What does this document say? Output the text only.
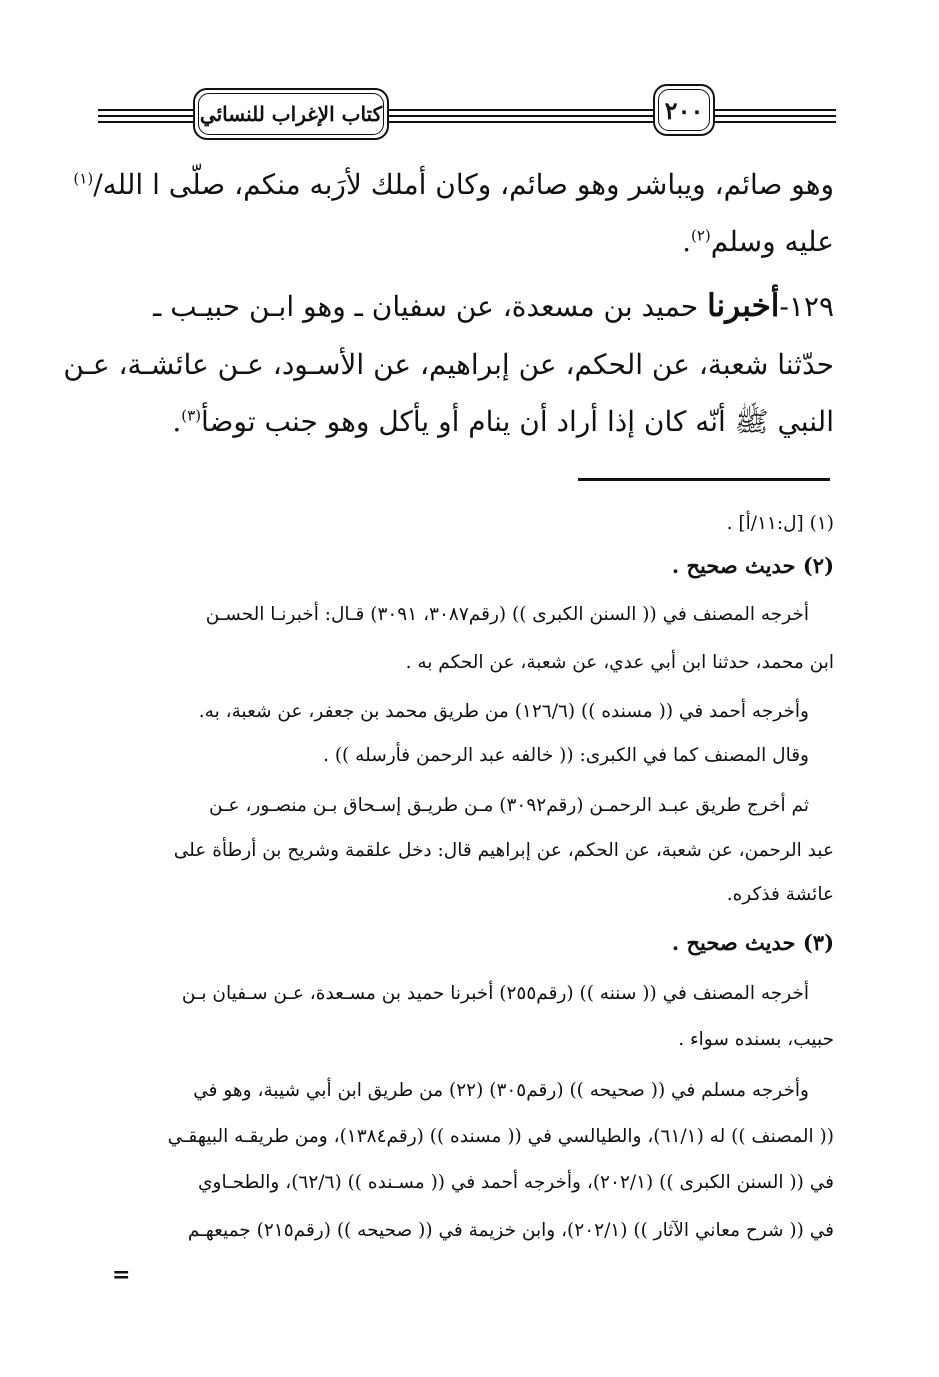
كتاب الإغراب للنسائي	٢٠٠
وهو صائم، ويباشر وهو صائم، وكان أملك لأرَبه منكم، صلّى ا الله/$^{(١)}$
عليه وسلم$^{(٢)}$.
١٢٩-أخبرنا حميد بن مسعدة، عن سفيان ـ وهو ابـن حبيـب ـ
حدّثنا شعبة، عن الحكم، عن إبراهيم، عن الأسـود، عـن عائشـة، عـن
النبي ﷺ أنّه كان إذا أراد أن ينام أو يأكل وهو جنب توضأ$^{(٣)}$.
(١) [ل:١١/أ] .
(٢) حديث صحيح .
أخرجه المصنف في (( السنن الكبرى )) (رقم٣٠٨٧، ٣٠٩١) قـال: أخبرنـا الحسـن
ابن محمد، حدثنا ابن أبي عدي، عن شعبة، عن الحكم به .
وأخرجه أحمد في (( مسنده )) (١٢٦/٦) من طريق محمد بن جعفر، عن شعبة، به.
وقال المصنف كما في الكبرى: (( خالفه عبد الرحمن فأرسله )) .
ثم أخرج طريق عبـد الرحمـن (رقم٣٠٩٢) مـن طريـق إسـحاق بـن منصـور، عـن
عبد الرحمن، عن شعبة، عن الحكم، عن إبراهيم قال: دخل علقمة وشريح بن أرطأة على
عائشة فذكره.
(٣) حديث صحيح .
أخرجه المصنف في (( سننه )) (رقم٢٥٥) أخبرنا حميد بن مسـعدة، عـن سـفيان بـن
حبيب، بسنده سواء .
وأخرجه مسلم في (( صحيحه )) (رقم٣٠٥) (٢٢) من طريق ابن أبي شيبة، وهو في
(( المصنف )) له (٦١/١)، والطيالسي في (( مسنده )) (رقم١٣٨٤)، ومن طريقـه البيهقـي
في (( السنن الكبرى )) (٢٠٢/١)، وأخرجه أحمد في (( مسـنده )) (٦٢/٦)، والطحـاوي
في (( شرح معاني الآثار )) (٢٠٢/١)، وابن خزيمة في (( صحيحه )) (رقم٢١٥) جميعهـم
=
